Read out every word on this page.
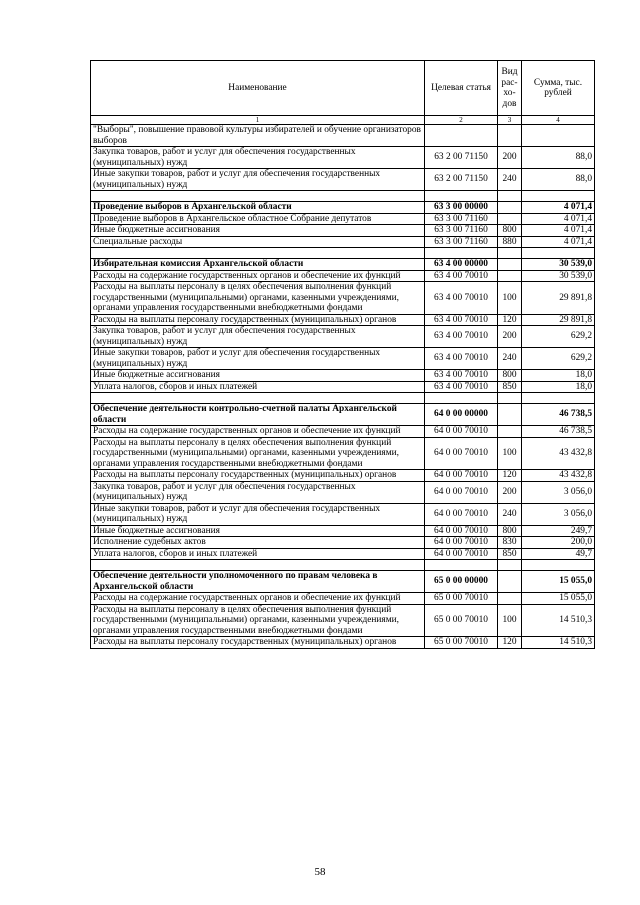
Наименование	Целевая статья	Вид рас-хо-дов	Сумма, тыс. рублей
1	2	3	4
"Выборы", повышение правовой культуры избирателей и обучение организаторов выборов			
Закупка товаров, работ и услуг для обеспечения государственных (муниципальных) нужд	63 2 00 71150	200	88,0
Иные закупки товаров, работ и услуг для обеспечения государственных (муниципальных) нужд	63 2 00 71150	240	88,0

Проведение выборов в Архангельской области	63 3 00 00000		4 071,4
Проведение выборов в Архангельское областное Собрание депутатов	63 3 00 71160		4 071,4
Иные бюджетные ассигнования	63 3 00 71160	800	4 071,4
Специальные расходы	63 3 00 71160	880	4 071,4

Избирательная комиссия Архангельской области	63 4 00 00000		30 539,0
Расходы на содержание государственных органов и обеспечение их функций	63 4 00 70010		30 539,0
Расходы на выплаты персоналу в целях обеспечения выполнения функций государственными (муниципальными) органами, казенными учреждениями, органами управления государственными внебюджетными фондами	63 4 00 70010	100	29 891,8
Расходы на выплаты персоналу государственных (муниципальных) органов	63 4 00 70010	120	29 891,8
Закупка товаров, работ и услуг для обеспечения государственных (муниципальных) нужд	63 4 00 70010	200	629,2
Иные закупки товаров, работ и услуг для обеспечения государственных (муниципальных) нужд	63 4 00 70010	240	629,2
Иные бюджетные ассигнования	63 4 00 70010	800	18,0
Уплата налогов, сборов и иных платежей	63 4 00 70010	850	18,0

Обеспечение деятельности контрольно-счетной палаты Архангельской области	64 0 00 00000		46 738,5
Расходы на содержание государственных органов и обеспечение их функций	64 0 00 70010		46 738,5
Расходы на выплаты персоналу в целях обеспечения выполнения функций государственными (муниципальными) органами, казенными учреждениями, органами управления государственными внебюджетными фондами	64 0 00 70010	100	43 432,8
Расходы на выплаты персоналу государственных (муниципальных) органов	64 0 00 70010	120	43 432,8
Закупка товаров, работ и услуг для обеспечения государственных (муниципальных) нужд	64 0 00 70010	200	3 056,0
Иные закупки товаров, работ и услуг для обеспечения государственных (муниципальных) нужд	64 0 00 70010	240	3 056,0
Иные бюджетные ассигнования	64 0 00 70010	800	249,7
Исполнение судебных актов	64 0 00 70010	830	200,0
Уплата налогов, сборов и иных платежей	64 0 00 70010	850	49,7

Обеспечение деятельности уполномоченного по правам человека в Архангельской области	65 0 00 00000		15 055,0
Расходы на содержание государственных органов и обеспечение их функций	65 0 00 70010		15 055,0
Расходы на выплаты персоналу в целях обеспечения выполнения функций государственными (муниципальными) органами, казенными учреждениями, органами управления государственными внебюджетными фондами	65 0 00 70010	100	14 510,3
Расходы на выплаты персоналу государственных (муниципальных) органов	65 0 00 70010	120	14 510,3
58
